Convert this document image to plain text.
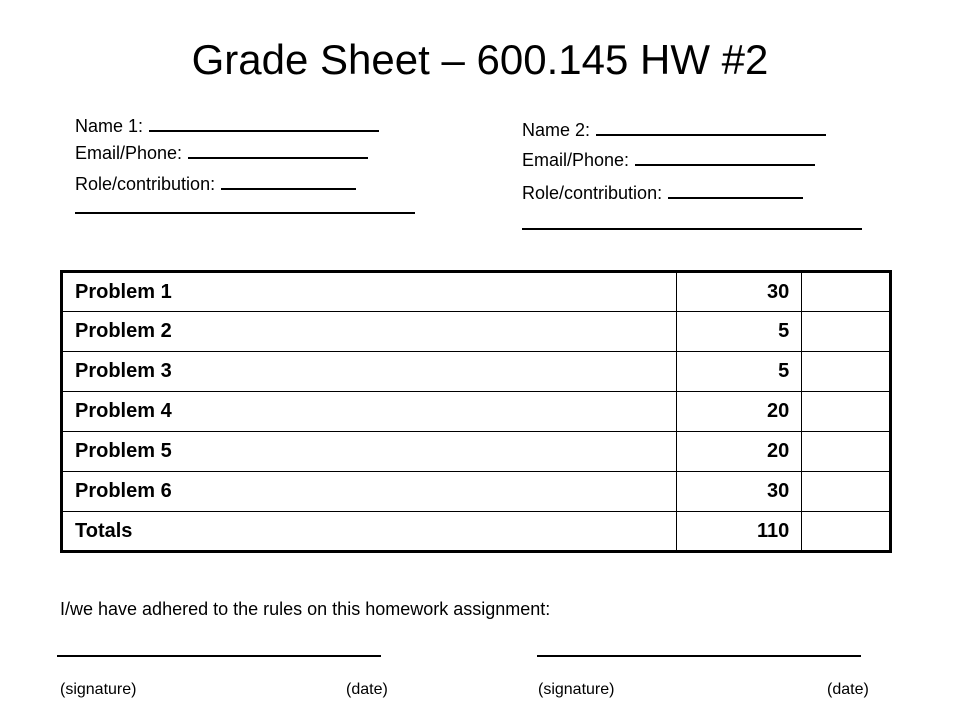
Grade Sheet – 600.145 HW #2
Name 1:
Email/Phone:
Role/contribution:
Name 2:
Email/Phone:
Role/contribution:
Problem 1	30	
Problem 2	5	
Problem 3	5	
Problem 4	20	
Problem 5	20	
Problem 6	30	
Totals	110	
I/we have adhered to the rules on this homework assignment:
(signature)	(date)	(signature)	(date)
